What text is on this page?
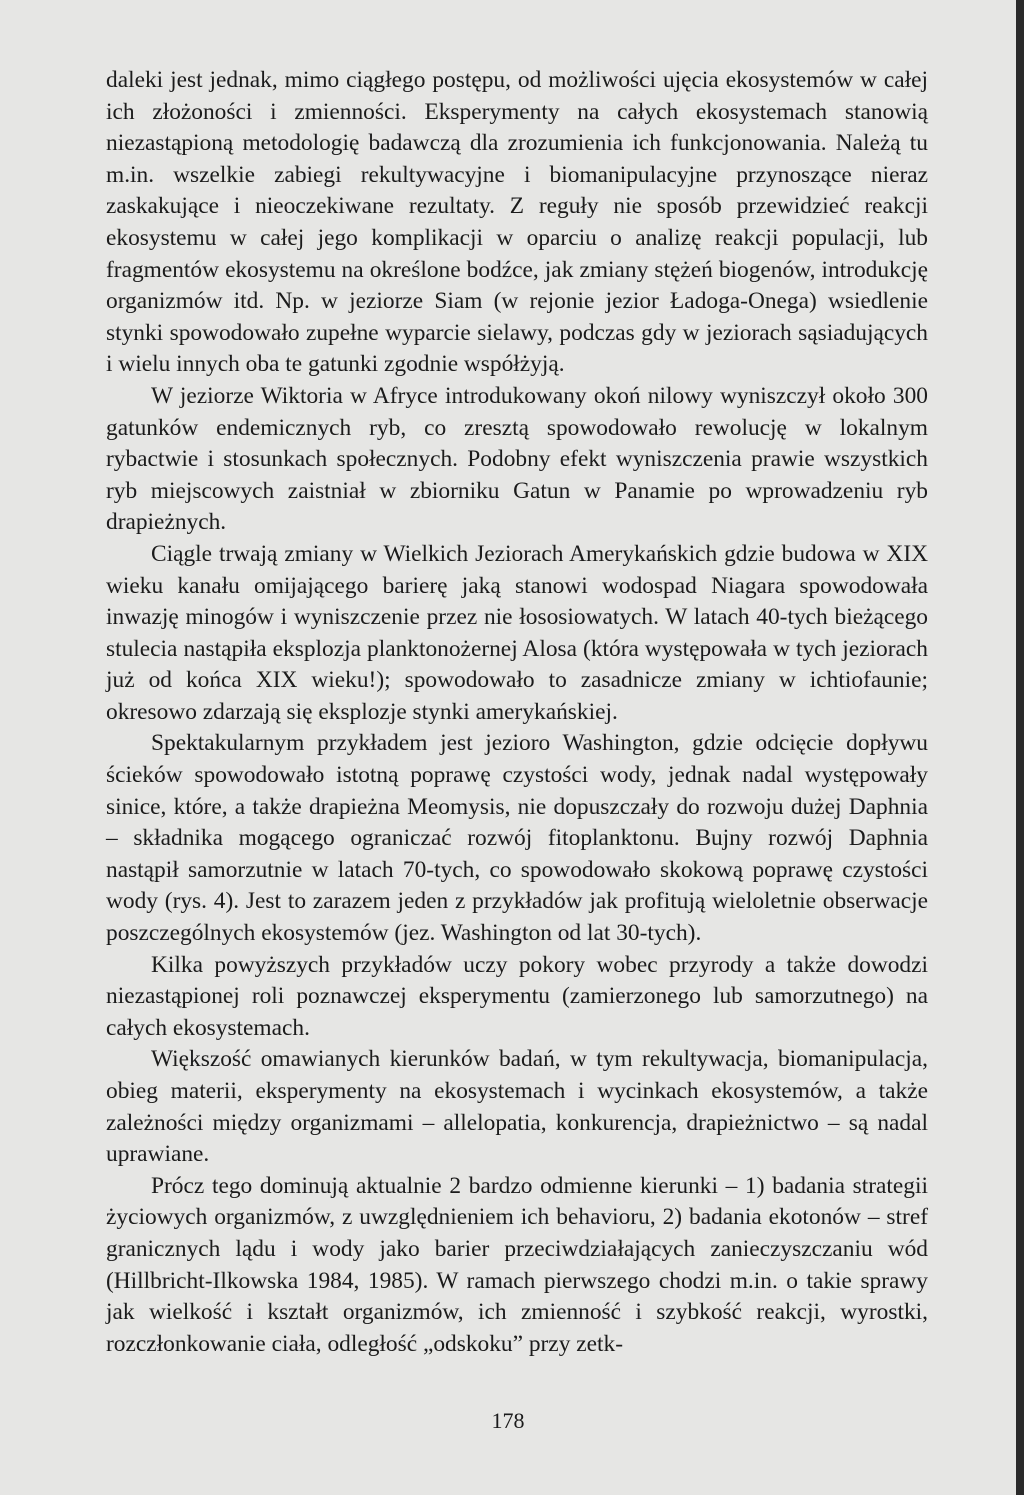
daleki jest jednak, mimo ciągłego postępu, od możliwości ujęcia ekosystemów w całej ich złożoności i zmienności. Eksperymenty na całych ekosystemach stanowią niezastąpioną metodologię badawczą dla zrozumienia ich funkcjonowania. Należą tu m.in. wszelkie zabiegi rekultywacyjne i biomanipulacyjne przynoszące nieraz zaskakujące i nieoczekiwane rezultaty. Z reguły nie sposób przewidzieć reakcji ekosystemu w całej jego komplikacji w oparciu o analizę reakcji populacji, lub fragmentów ekosystemu na określone bodźce, jak zmiany stężeń biogenów, introdukcję organizmów itd. Np. w jeziorze Siam (w rejonie jezior Ładoga-Onega) wsiedlenie stynki spowodowało zupełne wyparcie sielawy, podczas gdy w jeziorach sąsiadujących i wielu innych oba te gatunki zgodnie współżyją.

W jeziorze Wiktoria w Afryce introdukowany okoń nilowy wyniszczył około 300 gatunków endemicznych ryb, co zresztą spowodowało rewolucję w lokalnym rybactwie i stosunkach społecznych. Podobny efekt wyniszczenia prawie wszystkich ryb miejscowych zaistniał w zbiorniku Gatun w Panamie po wprowadzeniu ryb drapieżnych.

Ciągle trwają zmiany w Wielkich Jeziorach Amerykańskich gdzie budowa w XIX wieku kanału omijającego barierę jaką stanowi wodospad Niagara spowodowała inwazję minogów i wyniszczenie przez nie łososiowatych. W latach 40-tych bieżącego stulecia nastąpiła eksplozja planktonożernej Alosa (która występowała w tych jeziorach już od końca XIX wieku!); spowodowało to zasadnicze zmiany w ichtiofaunie; okresowo zdarzają się eksplozje stynki amerykańskiej.

Spektakularnym przykładem jest jezioro Washington, gdzie odcięcie dopływu ścieków spowodowało istotną poprawę czystości wody, jednak nadal występowały sinice, które, a także drapieżna Meomysis, nie dopuszczały do rozwoju dużej Daphnia – składnika mogącego ograniczać rozwój fitoplanktonu. Bujny rozwój Daphnia nastąpił samorzutnie w latach 70-tych, co spowodowało skokową poprawę czystości wody (rys. 4). Jest to zarazem jeden z przykładów jak profitują wieloletnie obserwacje poszczególnych ekosystemów (jez. Washington od lat 30-tych).

Kilka powyższych przykładów uczy pokory wobec przyrody a także dowodzi niezastąpionej roli poznawczej eksperymentu (zamierzonego lub samorzutnego) na całych ekosystemach.

Większość omawianych kierunków badań, w tym rekultywacja, biomanipulacja, obieg materii, eksperymenty na ekosystemach i wycinkach ekosystemów, a także zależności między organizmami – allelopatia, konkurencja, drapieżnictwo – są nadal uprawiane.

Prócz tego dominują aktualnie 2 bardzo odmienne kierunki – 1) badania strategii życiowych organizmów, z uwzględnieniem ich behavioru, 2) badania ekotonów – stref granicznych lądu i wody jako barier przeciwdziałających zanieczyszczaniu wód (Hillbricht-Ilkowska 1984, 1985). W ramach pierwszego chodzi m.in. o takie sprawy jak wielkość i kształt organizmów, ich zmienność i szybkość reakcji, wyrostki, rozczłonkowanie ciała, odległość „odskoku” przy zetk-

178
